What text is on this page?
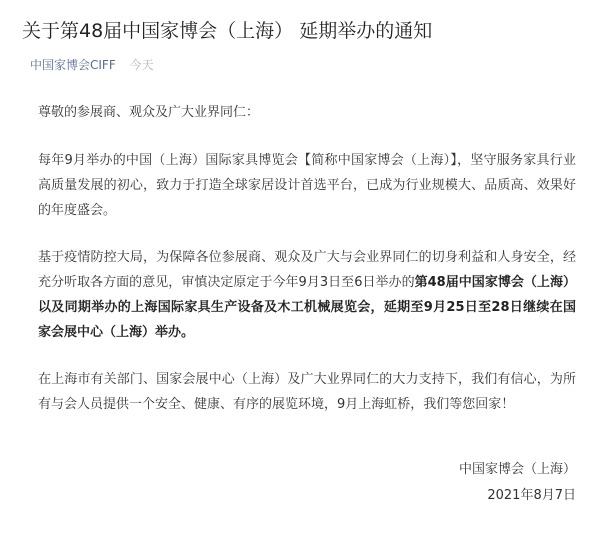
关于第48届中国家博会（上海） 延期举办的通知
中国家博会CIFF 今天

尊敬的参展商、观众及广大业界同仁：

每年9月举办的中国（上海）国际家具博览会【简称中国家博会（上海）】，坚守服务家具行业高质量发展的初心，致力于打造全球家居设计首选平台，已成为行业规模大、品质高、效果好的年度盛会。

基于疫情防控大局，为保障各位参展商、观众及广大与会业界同仁的切身利益和人身安全，经充分听取各方面的意见，审慎决定原定于今年9月3日至6日举办的第48届中国家博会（上海）以及同期举办的上海国际家具生产设备及木工机械展览会，延期至9月25日至28日继续在国家会展中心（上海）举办。

在上海市有关部门、国家会展中心（上海）及广大业界同仁的大力支持下，我们有信心，为所有与会人员提供一个安全、健康、有序的展览环境，9月上海虹桥，我们等您回家！

中国家博会（上海）
2021年8月7日
